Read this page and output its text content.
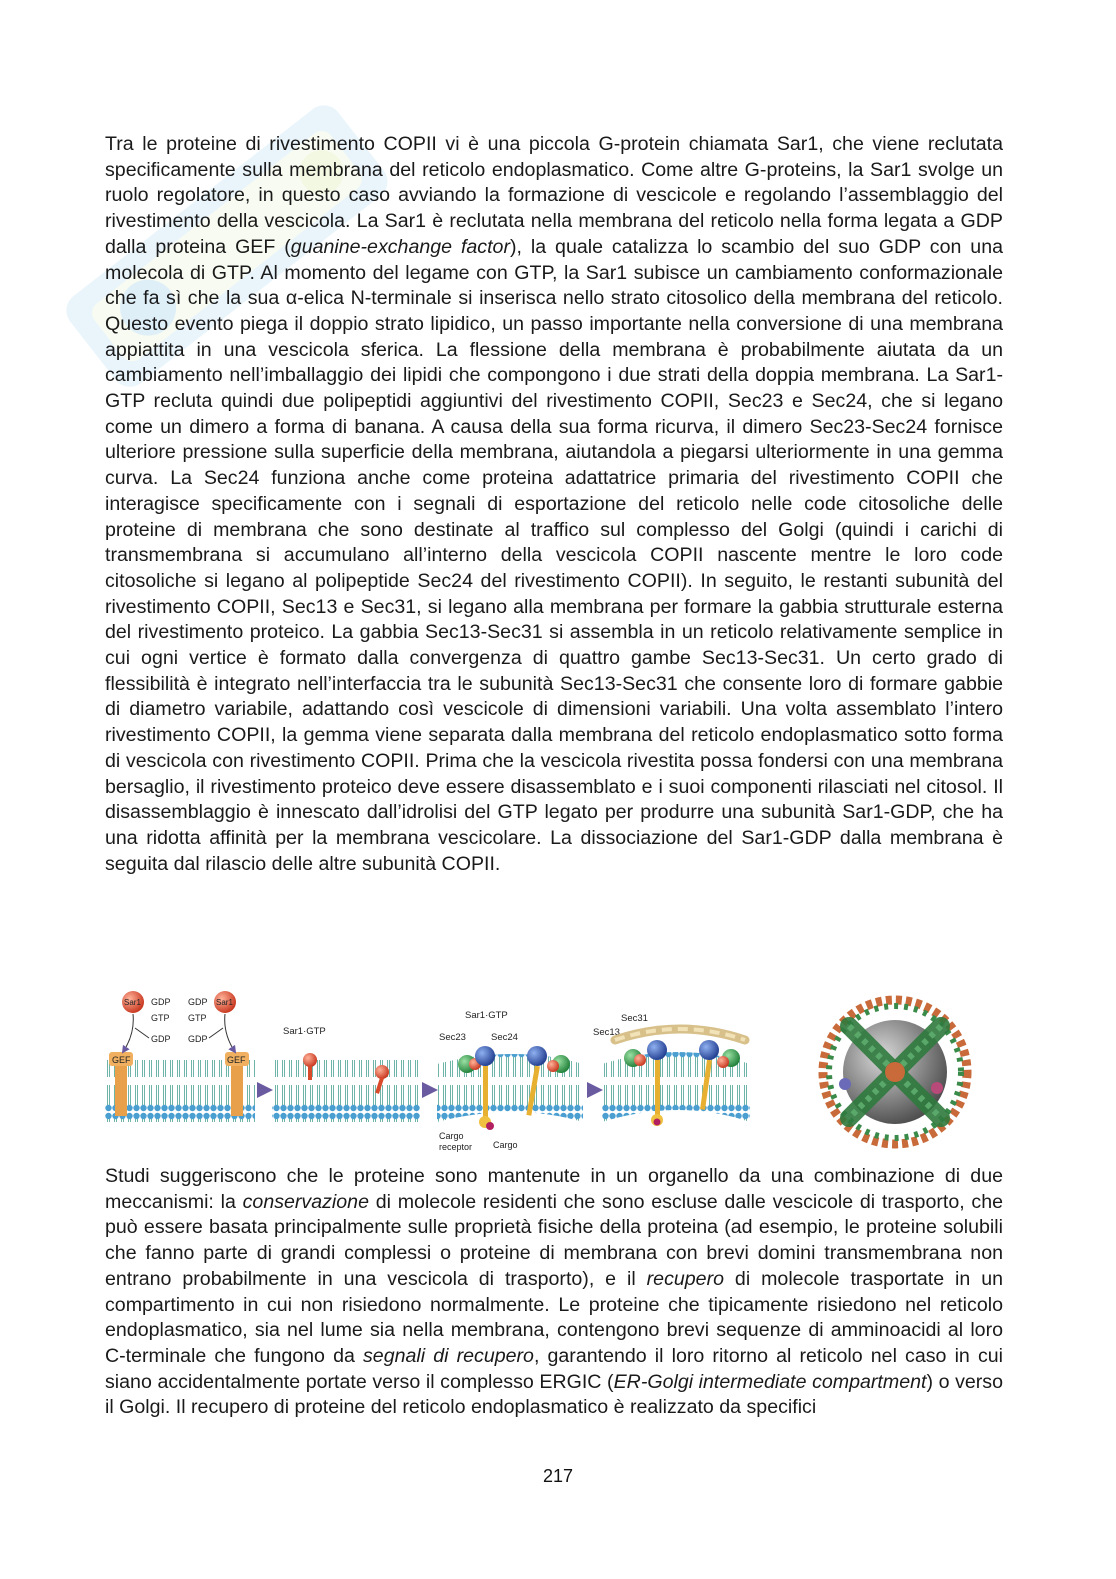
Tra le proteine di rivestimento COPII vi è una piccola G-protein chiamata Sar1, che viene reclutata specificamente sulla membrana del reticolo endoplasmatico. Come altre G-proteins, la Sar1 svolge un ruolo regolatore, in questo caso avviando la formazione di vescicole e regolando l’assemblaggio del rivestimento della vescicola. La Sar1 è reclutata nella membrana del reticolo nella forma legata a GDP dalla proteina GEF (guanine-exchange factor), la quale catalizza lo scambio del suo GDP con una molecola di GTP. Al momento del legame con GTP, la Sar1 subisce un cambiamento conformazionale che fa sì che la sua α-elica N-terminale si inserisca nello strato citosolico della membrana del reticolo. Questo evento piega il doppio strato lipidico, un passo importante nella conversione di una membrana appiattita in una vescicola sferica. La flessione della membrana è probabilmente aiutata da un cambiamento nell’imballaggio dei lipidi che compongono i due strati della doppia membrana. La Sar1-GTP recluta quindi due polipeptidi aggiuntivi del rivestimento COPII, Sec23 e Sec24, che si legano come un dimero a forma di banana. A causa della sua forma ricurva, il dimero Sec23-Sec24 fornisce ulteriore pressione sulla superficie della membrana, aiutandola a piegarsi ulteriormente in una gemma curva. La Sec24 funziona anche come proteina adattatrice primaria del rivestimento COPII che interagisce specificamente con i segnali di esportazione del reticolo nelle code citosoliche delle proteine di membrana che sono destinate al traffico sul complesso del Golgi (quindi i carichi di transmembrana si accumulano all’interno della vescicola COPII nascente mentre le loro code citosoliche si legano al polipeptide Sec24 del rivestimento COPII). In seguito, le restanti subunità del rivestimento COPII, Sec13 e Sec31, si legano alla membrana per formare la gabbia strutturale esterna del rivestimento proteico. La gabbia Sec13-Sec31 si assembla in un reticolo relativamente semplice in cui ogni vertice è formato dalla convergenza di quattro gambe Sec13-Sec31. Un certo grado di flessibilità è integrato nell’interfaccia tra le subunità Sec13-Sec31 che consente loro di formare gabbie di diametro variabile, adattando così vescicole di dimensioni variabili. Una volta assemblato l’intero rivestimento COPII, la gemma viene separata dalla membrana del reticolo endoplasmatico sotto forma di vescicola con rivestimento COPII. Prima che la vescicola rivestita possa fondersi con una membrana bersaglio, il rivestimento proteico deve essere disassemblato e i suoi componenti rilasciati nel citosol. Il disassemblaggio è innescato dall’idrolisi del GTP legato per produrre una subunità Sar1-GDP, che ha una ridotta affinità per la membrana vescicolare. La dissociazione del Sar1-GDP dalla membrana è seguita dal rilascio delle altre subunità COPII.

GEF	GEF
Sar1	Sar1
GDP
GTP
GDP
GDP
GTP
GDP
Sar1·GTP
Sar1·GTP
Sec23	Sec24
Cargo
receptor Cargo
Sec31
Sec13

Studi suggeriscono che le proteine sono mantenute in un organello da una combinazione di due meccanismi: la conservazione di molecole residenti che sono escluse dalle vescicole di trasporto, che può essere basata principalmente sulle proprietà fisiche della proteina (ad esempio, le proteine solubili che fanno parte di grandi complessi o proteine di membrana con brevi domini transmembrana non entrano probabilmente in una vescicola di trasporto), e il recupero di molecole trasportate in un compartimento in cui non risiedono normalmente. Le proteine che tipicamente risiedono nel reticolo endoplasmatico, sia nel lume sia nella membrana, contengono brevi sequenze di amminoacidi al loro C-terminale che fungono da segnali di recupero, garantendo il loro ritorno al reticolo nel caso in cui siano accidentalmente portate verso il complesso ERGIC (ER-Golgi intermediate compartment) o verso il Golgi. Il recupero di proteine del reticolo endoplasmatico è realizzato da specifici

217
